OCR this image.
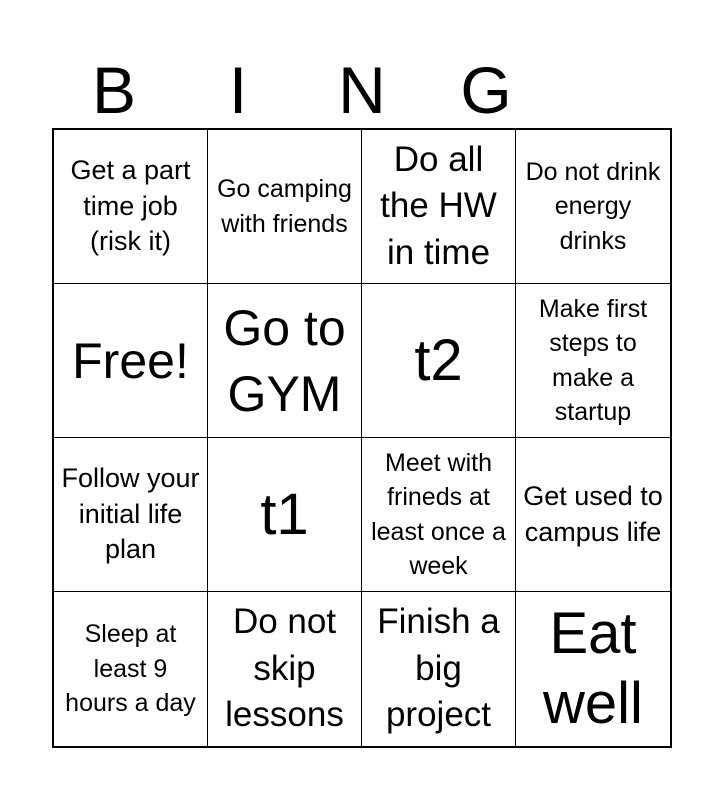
B	I	N	G
Get a part time job (risk it)
Go camping with friends
Do all the HW in time
Do not drink energy drinks
Free!
Go to GYM
t2
Make first steps to make a startup
Follow your initial life plan
t1
Meet with frineds at least once a week
Get used to campus life
Sleep at least 9 hours a day
Do not skip lessons
Finish a big project
Eat well
